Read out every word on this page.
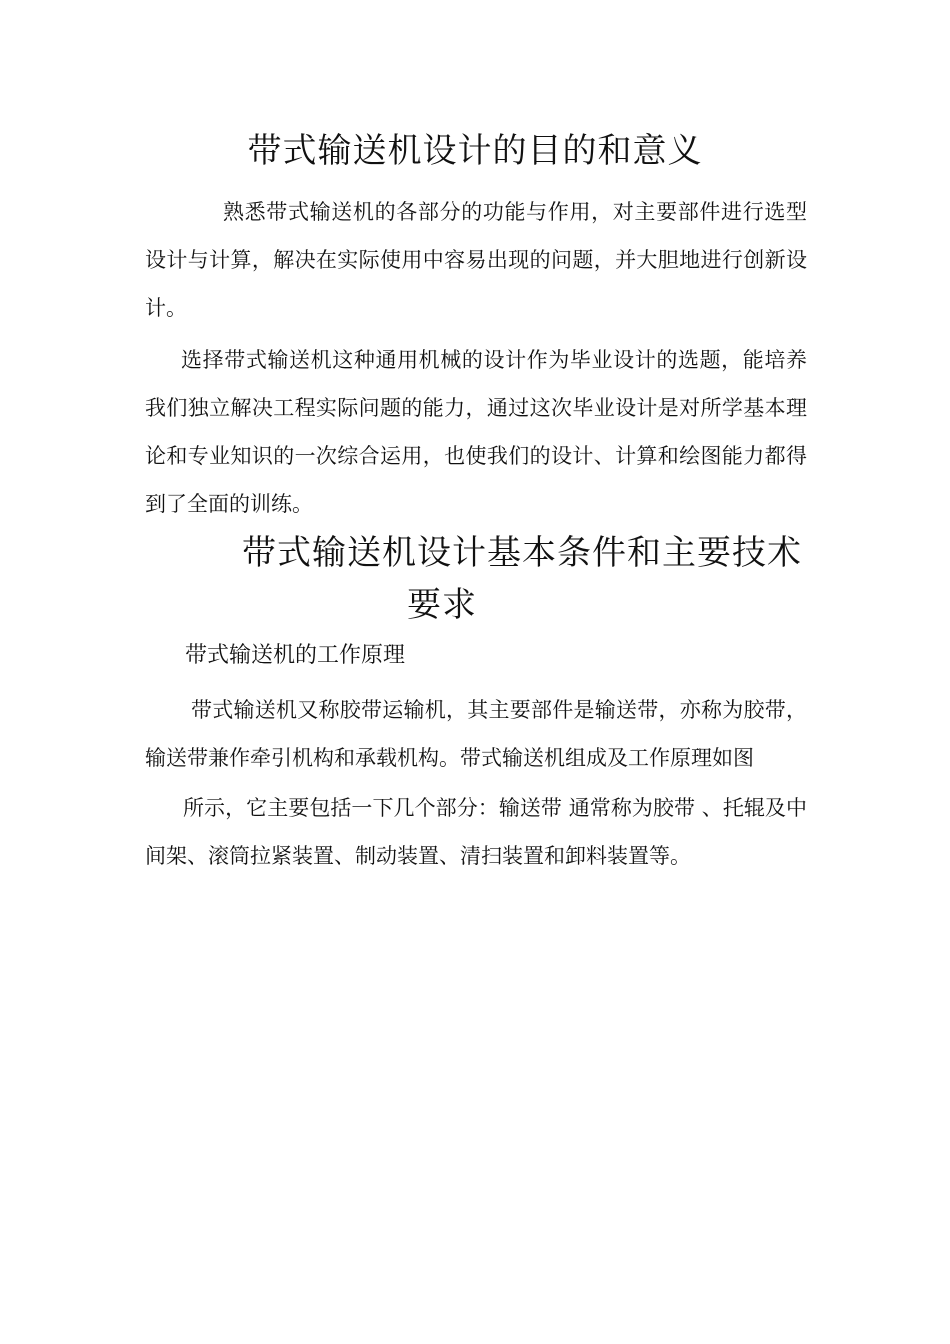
带式输送机设计的目的和意义

熟悉带式输送机的各部分的功能与作用，对主要部件进行选型设计与计算，解决在实际使用中容易出现的问题，并大胆地进行创新设计。

选择带式输送机这种通用机械的设计作为毕业设计的选题，能培养我们独立解决工程实际问题的能力，通过这次毕业设计是对所学基本理论和专业知识的一次综合运用，也使我们的设计、计算和绘图能力都得到了全面的训练。

带式输送机设计基本条件和主要技术
要求
带式输送机的工作原理

带式输送机又称胶带运输机，其主要部件是输送带，亦称为胶带，输送带兼作牵引机构和承载机构。带式输送机组成及工作原理如图

所示，它主要包括一下几个部分：输送带 通常称为胶带 、托辊及中间架、滚筒拉紧装置、制动装置、清扫装置和卸料装置等。
